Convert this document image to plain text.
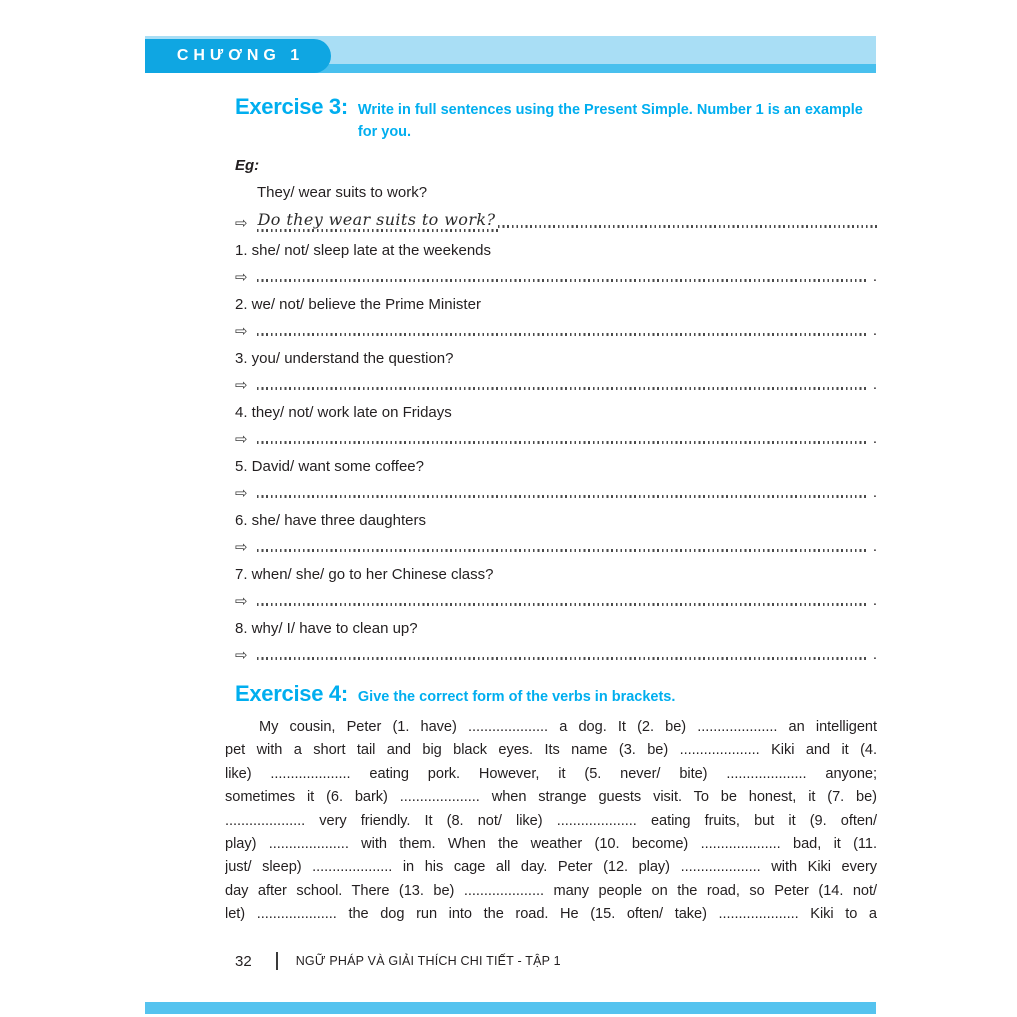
CHƯƠNG 1
Exercise 3: Write in full sentences using the Present Simple. Number 1 is an example for you.
Eg:
They/ wear suits to work?
⇨ Do they wear suits to work?
1. she/ not/ sleep late at the weekends
⇨	.
2. we/ not/ believe the Prime Minister
⇨	.
3. you/ understand the question?
⇨	.
4. they/ not/ work late on Fridays
⇨	.
5. David/ want some coffee?
⇨	.
6. she/ have three daughters
⇨	.
7. when/ she/ go to her Chinese class?
⇨	.
8. why/ I/ have to clean up?
⇨	.
Exercise 4: Give the correct form of the verbs in brackets.
My cousin, Peter (1. have) .................... a dog. It (2. be) .................... an intelligent
pet with a short tail and big black eyes. Its name (3. be) .................... Kiki and it (4.
like) .................... eating pork. However, it (5. never/ bite) .................... anyone;
sometimes it (6. bark) .................... when strange guests visit. To be honest, it (7. be)
.................... very friendly. It (8. not/ like) .................... eating fruits, but it (9. often/
play) .................... with them. When the weather (10. become) .................... bad, it (11.
just/ sleep) .................... in his cage all day. Peter (12. play) .................... with Kiki every
day after school. There (13. be) .................... many people on the road, so Peter (14. not/
let) .................... the dog run into the road. He (15. often/ take) .................... Kiki to a
32	NGỮ PHÁP VÀ GIẢI THÍCH CHI TIẾT - TẬP 1
